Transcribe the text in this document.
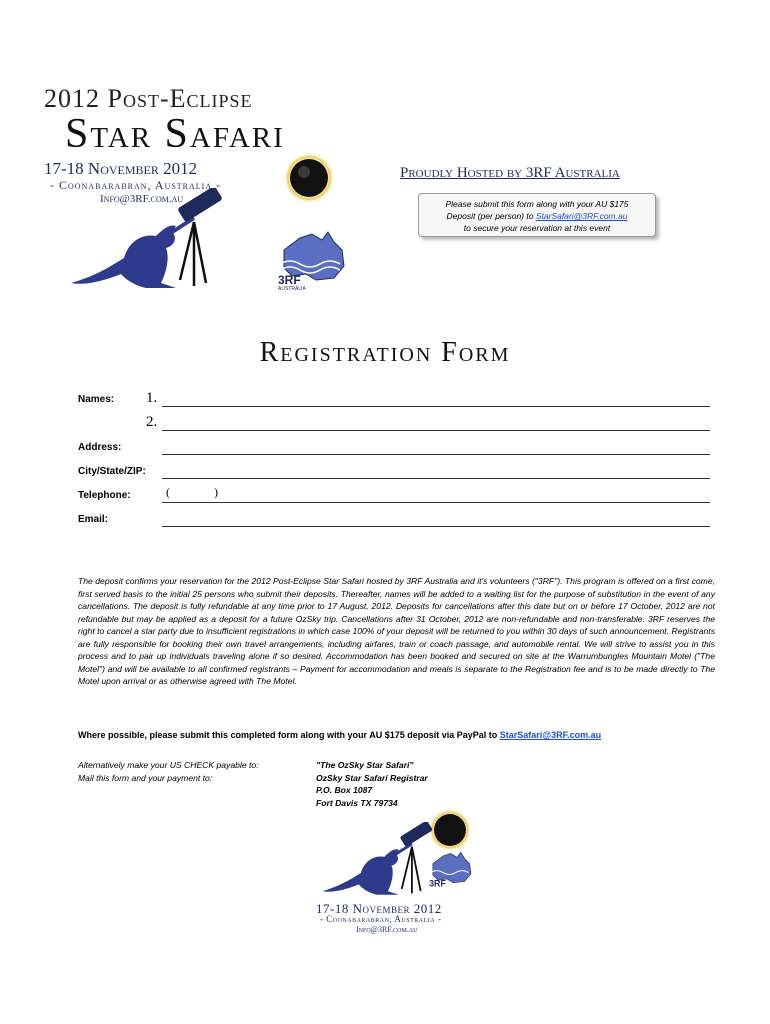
2012 Post-Eclipse
Star Safari
17-18 November 2012
- Coonabarabran, Australia -
Info@3RF.com.au
3RF
AUSTRALIA
Proudly Hosted by 3RF Australia
Please submit this form along with your AU $175
Deposit (per person) to StarSafari@3RF.com.au
to secure your reservation at this event
Registration Form
Names: 1.
2.
Address:
City/State/ZIP:
Telephone:	(	)
Email:
The deposit confirms your reservation for the 2012 Post-Eclipse Star Safari hosted by 3RF Australia and it's volunteers ("3RF"). This program is offered on a first come, first served basis to the initial 25 persons who submit their deposits. Thereafter, names will be added to a waiting list for the purpose of substitution in the event of any cancellations. The deposit is fully refundable at any time prior to 17 August, 2012. Deposits for cancellations after this date but on or before 17 October, 2012 are not refundable but may be applied as a deposit for a future OzSky trip. Cancellations after 31 October, 2012 are non-refundable and non-transferable. 3RF reserves the right to cancel a star party due to insufficient registrations in which case 100% of your deposit will be returned to you within 30 days of such announcement. Registrants are fully responsible for booking their own travel arrangements, including airfares, train or coach passage, and automobile rental. We will strive to assist you in this process and to pair up individuals traveling alone if so desired. Accommodation has been booked and secured on site at the Warrumbungles Mountain Motel ("The Motel") and will be available to all confirmed registrants – Payment for accommodation and meals is separate to the Registration fee and is to be made directly to The Motel upon arrival or as otherwise agreed with The Motel.
Where possible, please submit this completed form along with your AU $175 deposit via PayPal to StarSafari@3RF.com.au
Alternatively make your US CHECK payable to:
Mail this form and your payment to:
"The OzSky Star Safari"
OzSky Star Safari Registrar
P.O. Box 1087
Fort Davis TX 79734
3RF
17-18 November 2012
- Coonabarabran, Australia -
Info@3RF.com.au
